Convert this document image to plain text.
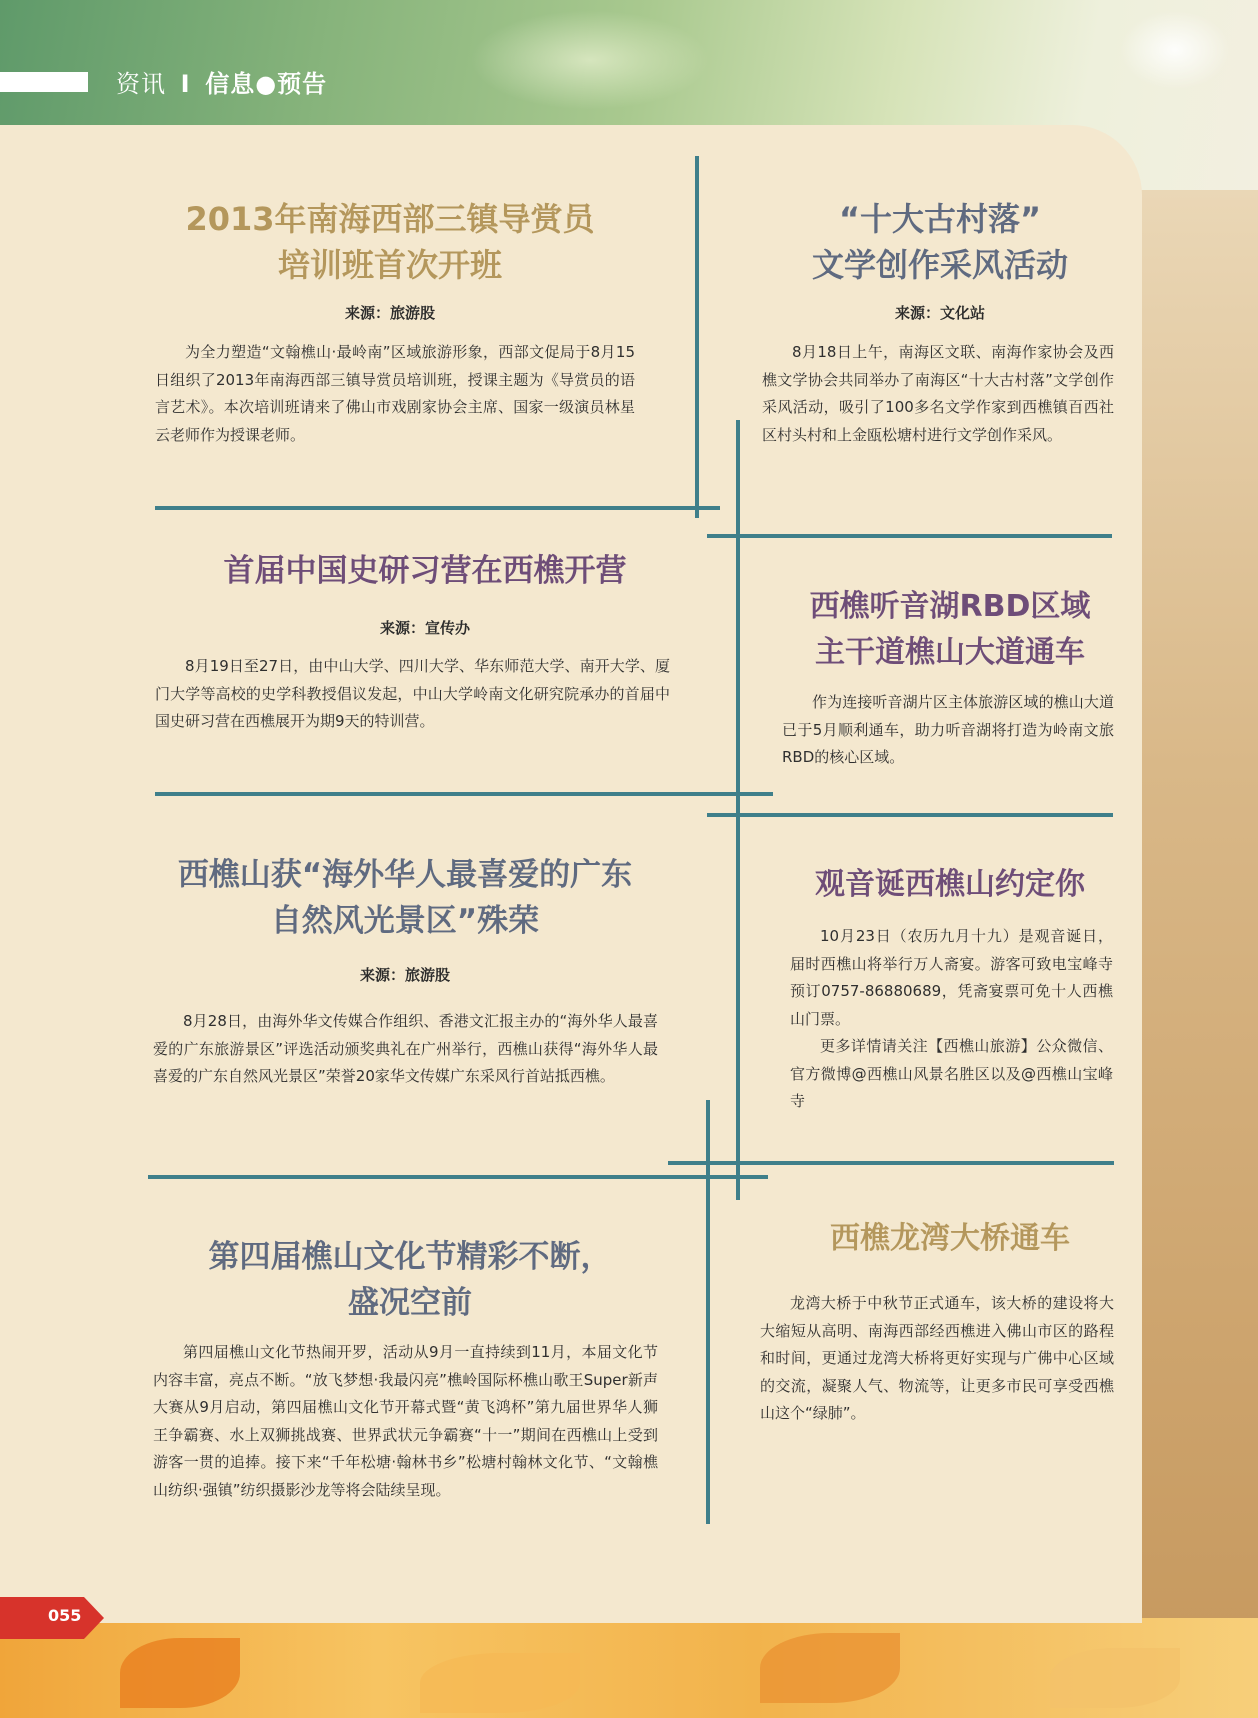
资讯 I 信息●预告
2013年南海西部三镇导赏员
培训班首次开班
来源：旅游股

为全力塑造“文翰樵山·最岭南”区域旅游形象，西部文促局于8月15日组织了2013年南海西部三镇导赏员培训班，授课主题为《导赏员的语言艺术》。本次培训班请来了佛山市戏剧家协会主席、国家一级演员林星云老师作为授课老师。

“十大古村落”
文学创作采风活动
来源：文化站

8月18日上午，南海区文联、南海作家协会及西樵文学协会共同举办了南海区“十大古村落”文学创作采风活动，吸引了100多名文学作家到西樵镇百西社区村头村和上金瓯松塘村进行文学创作采风。

首届中国史研习营在西樵开营
来源：宣传办

8月19日至27日，由中山大学、四川大学、华东师范大学、南开大学、厦门大学等高校的史学科教授倡议发起，中山大学岭南文化研究院承办的首届中国史研习营在西樵展开为期9天的特训营。

西樵听音湖RBD区域
主干道樵山大道通车

作为连接听音湖片区主体旅游区域的樵山大道已于5月顺利通车，助力听音湖将打造为岭南文旅RBD的核心区域。

西樵山获“海外华人最喜爱的广东
自然风光景区”殊荣
来源：旅游股

8月28日，由海外华文传媒合作组织、香港文汇报主办的“海外华人最喜爱的广东旅游景区”评选活动颁奖典礼在广州举行，西樵山获得“海外华人最喜爱的广东自然风光景区”荣誉20家华文传媒广东采风行首站抵西樵。

观音诞西樵山约定你

10月23日（农历九月十九）是观音诞日，届时西樵山将举行万人斋宴。游客可致电宝峰寺预订0757-86880689，凭斋宴票可免十人西樵山门票。

更多详情请关注【西樵山旅游】公众微信、官方微博@西樵山风景名胜区以及@西樵山宝峰寺

第四届樵山文化节精彩不断，
盛况空前

第四届樵山文化节热闹开罗，活动从9月一直持续到11月，本届文化节内容丰富，亮点不断。“放飞梦想·我最闪亮”樵岭国际杯樵山歌王Super新声大赛从9月启动，第四届樵山文化节开幕式暨“黄飞鸿杯”第九届世界华人狮王争霸赛、水上双狮挑战赛、世界武状元争霸赛“十一”期间在西樵山上受到游客一贯的追捧。接下来“千年松塘·翰林书乡”松塘村翰林文化节、“文翰樵山纺织·强镇”纺织摄影沙龙等将会陆续呈现。

西樵龙湾大桥通车

龙湾大桥于中秋节正式通车，该大桥的建设将大大缩短从高明、南海西部经西樵进入佛山市区的路程和时间，更通过龙湾大桥将更好实现与广佛中心区域的交流，凝聚人气、物流等，让更多市民可享受西樵山这个“绿肺”。

055
